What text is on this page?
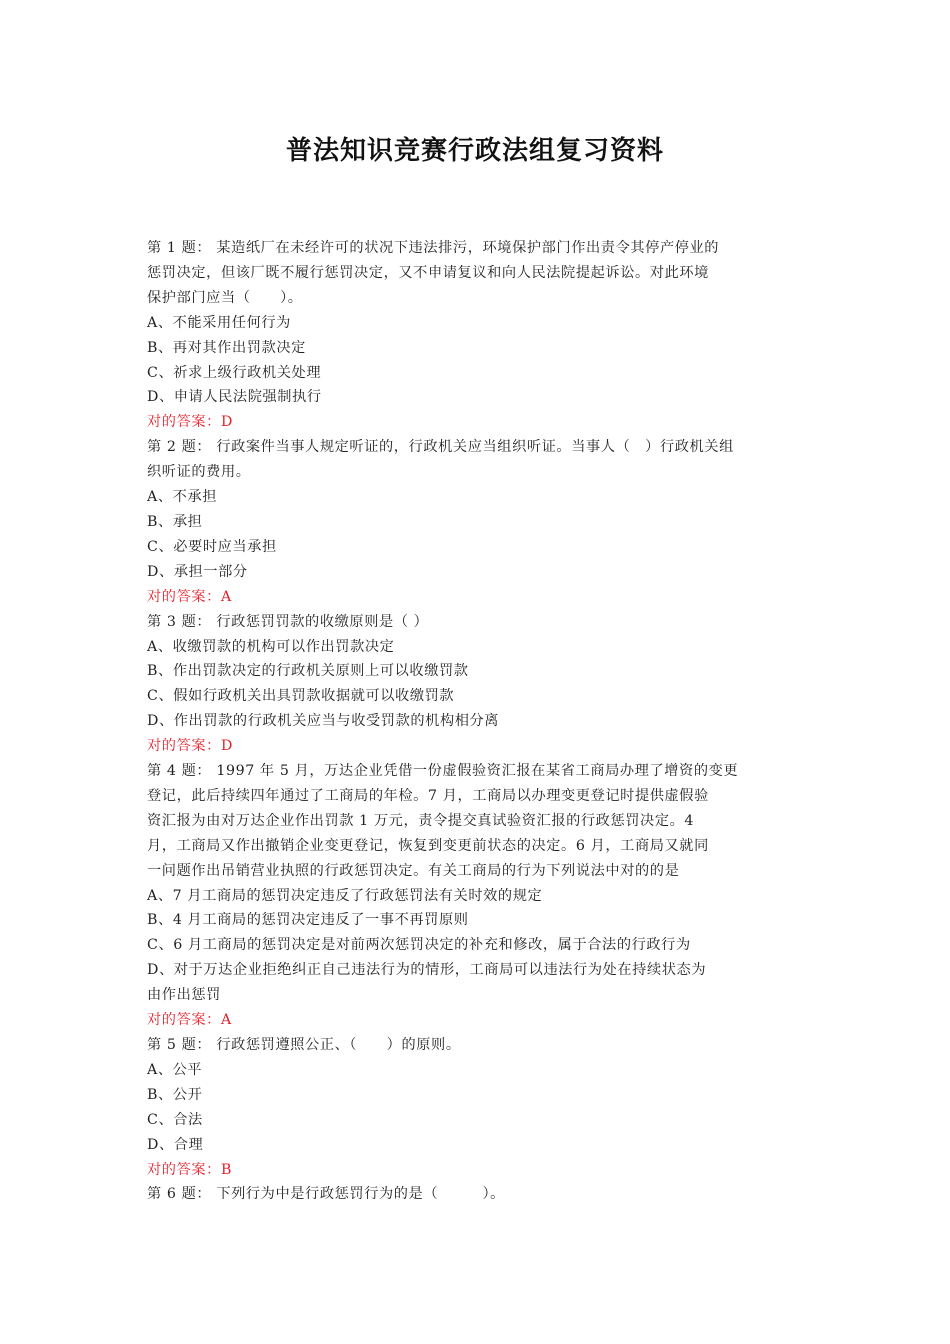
普法知识竞赛行政法组复习资料
第 1 题： 某造纸厂在未经许可的状况下违法排污，环境保护部门作出责令其停产停业的
惩罚决定，但该厂既不履行惩罚决定，又不申请复议和向人民法院提起诉讼。对此环境
保护部门应当（　　）。
A、不能采用任何行为
B、再对其作出罚款决定
C、祈求上级行政机关处理
D、申请人民法院强制执行
对的答案：D
第 2 题： 行政案件当事人规定听证的，行政机关应当组织听证。当事人（　）行政机关组
织听证的费用。
A、不承担
B、承担
C、必要时应当承担
D、承担一部分
对的答案：A
第 3 题： 行政惩罚罚款的收缴原则是（ ）
A、收缴罚款的机构可以作出罚款决定
B、作出罚款决定的行政机关原则上可以收缴罚款
C、假如行政机关出具罚款收据就可以收缴罚款
D、作出罚款的行政机关应当与收受罚款的机构相分离
对的答案：D
第 4 题： 1997 年 5 月，万达企业凭借一份虚假验资汇报在某省工商局办理了增资的变更
登记，此后持续四年通过了工商局的年检。7 月，工商局以办理变更登记时提供虚假验
资汇报为由对万达企业作出罚款 1 万元，责令提交真试验资汇报的行政惩罚决定。4
月，工商局又作出撤销企业变更登记，恢复到变更前状态的决定。6 月，工商局又就同
一问题作出吊销营业执照的行政惩罚决定。有关工商局的行为下列说法中对的的是
A、7 月工商局的惩罚决定违反了行政惩罚法有关时效的规定
B、4 月工商局的惩罚决定违反了一事不再罚原则
C、6 月工商局的惩罚决定是对前两次惩罚决定的补充和修改，属于合法的行政行为
D、对于万达企业拒绝纠正自己违法行为的情形，工商局可以违法行为处在持续状态为
由作出惩罚
对的答案：A
第 5 题： 行政惩罚遵照公正、（　　）的原则。
A、公平
B、公开
C、合法
D、合理
对的答案：B
第 6 题： 下列行为中是行政惩罚行为的是（　　　）。
